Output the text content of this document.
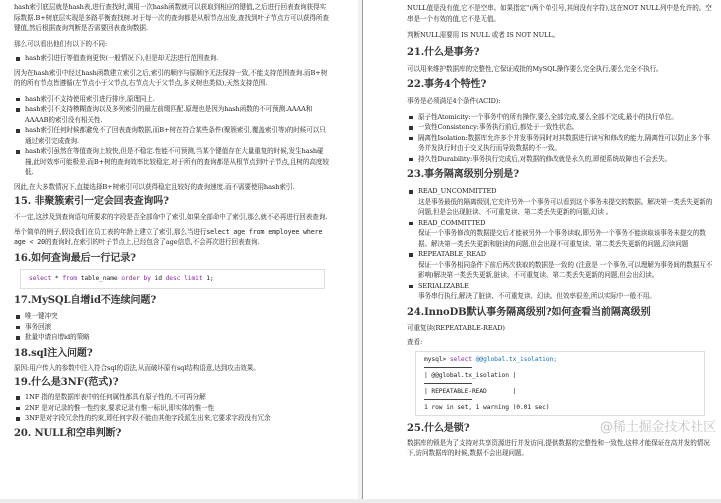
hash索引底层就是hash表,进行查找时,调用一次hash函数就可以获取到相应的键值,之后进行回表查询获得实际数据.B+树底层实现是多路平衡查找树.对于每一次的查询都是从根节点出发,查找到叶子节点方可以获得所查键值,然后根据查询判断是否需要回表查询数据.

那么可以看出他们有以下的不同:

hash索引进行等值查询更快(一般情况下),但是却无法进行范围查询.

因为在hash索引中经过hash函数建立索引之后,索引的顺序与原顺序无法保持一致,不能支持范围查询.而B+树的的所有节点皆遵循(左节点小于父节点,右节点大于父节点,多叉树也类似),天然支持范围.

hash索引不支持使用索引进行排序,原理同上.
hash索引不支持模糊查询以及多列索引的最左前缀匹配.原理也是因为hash函数的不可预测.AAAA和AAAAB的索引没有相关性.
hash索引任何时候都避免不了回表查询数据,而B+树在符合某些条件(聚簇索引,覆盖索引等)的时候可以只通过索引完成查询.
hash索引虽然在等值查询上较快,但是不稳定.性能不可预测,当某个键值存在大量重复的时候,发生hash碰撞,此时效率可能极差.而B+树的查询效率比较稳定,对于所有的查询都是从根节点到叶子节点,且树的高度较低.

因此,在大多数情况下,直接选择B+树索引可以获得稳定且较好的查询速度.而不需要使用hash索引.

15. 非聚簇索引一定会回表查询吗?

不一定,这涉及到查询语句所要求的字段是否全部命中了索引,如果全部命中了索引,那么就不必再进行回表查询.

举个简单的例子,假设我们在员工表的年龄上建立了索引,那么当进行select age from employee where age < 20的查询时,在索引的叶子节点上,已经包含了age信息,不会再次进行回表查询.

16.如何查询最后一行记录?
select * from table_name order by id desc limit 1;
17.MySQL自增id不连续问题?
唯一键冲突
事务回滚
批量申请自增id的策略
18.sql注入问题?

原因:用户传入的参数中注入符合sql的语法,从而破坏原有sql结构语意,达到攻击效果。

19.什么是3NF(范式)?
1NF 指的是数据库表中的任何属性都具有原子性的,不可再分解
2NF 是对记录的惟一性约束,要求记录有惟一标识,即实体的惟一性
3NF是对字段冗余性的约束,即任何字段不能由其他字段派生出来,它要求字段没有冗余
20. NULL和空串判断?

NULL值是没有值,它不是空串。如果指定''(两个单引号,其间没有字符),这在NOT NULL列中是允许的。空串是一个有效的值,它不是无值。

判断NULL需要用 IS NULL 或者 IS NOT NULL。

21.什么是事务?

可以用来维护数据库的完整性,它保证成批的MySQL操作要么完全执行,要么完全不执行。

22.事务4个特性?

事务是必须满足4个条件(ACID):

原子性Atomicity:一个事务中的所有操作,要么全部完成,要么全部不完成,最小的执行单位。
一致性Consistency:事务执行前后,都处于一致性状态。
隔离性Isolation:数据库允许多个并发事务同时对其数据进行读写和修改的能力,隔离性可以防止多个事务并发执行时由于交叉执行而导致数据的不一致。
持久性Durability:事务执行完成后,对数据的修改就是永久的,即便系统故障也不会丢失。
23.事务隔离级别分别是?
READ_UNCOMMITTED
这是事务最低的隔离级别,它充许另外一个事务可以看到这个事务未提交的数据。解决第一类丢失更新的问题,但是会出现脏读、不可重复读、第二类丢失更新的问题,幻读 。
READ_COMMITTED
保证一个事务修改的数据提交后才能被另外一个事务读取,即另外一个事务不能读取该事务未提交的数据。解决第一类丢失更新和脏读的问题,但会出现不可重复读、第二类丢失更新的问题,幻读问题
REPEATABLE_READ
保证一个事务相同条件下前后两次获取的数据是一致的 (注意是 一个事务,可以理解为事务间的数据互不影响)解决第一类丢失更新,脏读、不可重复读、第二类丢失更新的问题,但会出幻读。
SERIALIZABLE
事务串行执行,解决了脏读、不可重复读、幻读。但效率很差,所以实际中一般不用。
24.InnoDB默认事务隔离级别?如何查看当前隔离级别

可重复读(REPEATABLE-READ)

查看:

mysql> select @@global.tx_isolation;
| @@global.tx_isolation |
| REPEATABLE-READ       |
1 row in set, 1 warning (0.01 sec)
25.什么是锁?	@稀土掘金技术社区

数据库的锁是为了支持对共享资源进行并发访问,提供数据的完整性和一致性,这样才能保证在高并发的情况下,访问数据库的时候,数据不会出现问题。
